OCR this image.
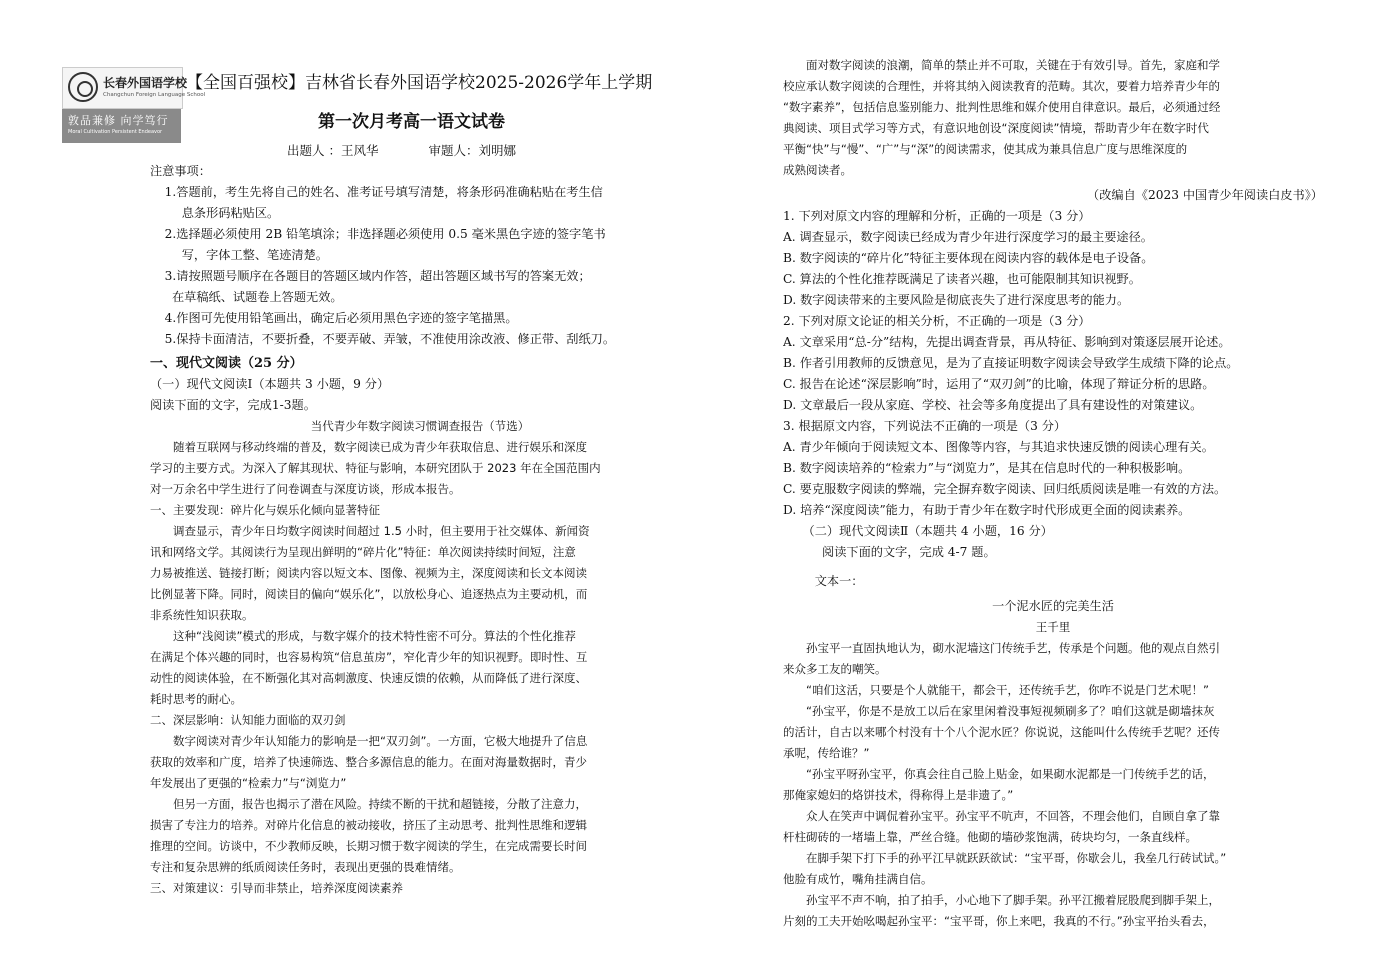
长春外国语学校
Changchun Foreign Language School
敦品兼修 向学笃行
Moral Cultivation Persistent Endeavor
【全国百强校】吉林省长春外国语学校2025-2026学年上学期
第一次月考高一语文试卷
出题人 ：王风华	审题人：刘明娜
注意事项：
1.答题前，考生先将自己的姓名、准考证号填写清楚，将条形码准确粘贴在考生信
息条形码粘贴区。
2.选择题必须使用 2B 铅笔填涂；非选择题必须使用 0.5 毫米黑色字迹的签字笔书
写，字体工整、笔迹清楚。
3.请按照题号顺序在各题目的答题区域内作答，超出答题区域书写的答案无效；
在草稿纸、试题卷上答题无效。
4.作图可先使用铅笔画出，确定后必须用黑色字迹的签字笔描黑。
5.保持卡面清洁，不要折叠，不要弄破、弄皱，不准使用涂改液、修正带、刮纸刀。
一、现代文阅读（25 分）
（一）现代文阅读Ⅰ（本题共 3 小题，9 分）
阅读下面的文字，完成1-3题。
当代青少年数字阅读习惯调查报告（节选）
随着互联网与移动终端的普及，数字阅读已成为青少年获取信息、进行娱乐和深度
学习的主要方式。为深入了解其现状、特征与影响，本研究团队于 2023 年在全国范围内
对一万余名中学生进行了问卷调查与深度访谈，形成本报告。
一、主要发现：碎片化与娱乐化倾向显著特征
调查显示，青少年日均数字阅读时间超过 1.5 小时，但主要用于社交媒体、新闻资
讯和网络文学。其阅读行为呈现出鲜明的“碎片化”特征：单次阅读持续时间短，注意
力易被推送、链接打断；阅读内容以短文本、图像、视频为主，深度阅读和长文本阅读
比例显著下降。同时，阅读目的偏向“娱乐化”，以放松身心、追逐热点为主要动机，而
非系统性知识获取。
这种“浅阅读”模式的形成，与数字媒介的技术特性密不可分。算法的个性化推荐
在满足个体兴趣的同时，也容易构筑“信息茧房”，窄化青少年的知识视野。即时性、互
动性的阅读体验，在不断强化其对高刺激度、快速反馈的依赖，从而降低了进行深度、
耗时思考的耐心。
二、深层影响：认知能力面临的双刃剑
数字阅读对青少年认知能力的影响是一把“双刃剑”。一方面，它极大地提升了信息
获取的效率和广度，培养了快速筛选、整合多源信息的能力。在面对海量数据时，青少
年发展出了更强的“检索力”与“浏览力”
但另一方面，报告也揭示了潜在风险。持续不断的干扰和超链接，分散了注意力，
损害了专注力的培养。对碎片化信息的被动接收，挤压了主动思考、批判性思维和逻辑
推理的空间。访谈中，不少教师反映，长期习惯于数字阅读的学生，在完成需要长时间
专注和复杂思辨的纸质阅读任务时，表现出更强的畏难情绪。
三、对策建议：引导而非禁止，培养深度阅读素养
面对数字阅读的浪潮，简单的禁止并不可取，关键在于有效引导。首先，家庭和学
校应承认数字阅读的合理性，并将其纳入阅读教育的范畴。其次，要着力培养青少年的
“数字素养”，包括信息鉴别能力、批判性思维和媒介使用自律意识。最后，必须通过经
典阅读、项目式学习等方式，有意识地创设“深度阅读”情境，帮助青少年在数字时代
平衡“快”与“慢”、“广”与“深”的阅读需求，使其成为兼具信息广度与思维深度的
成熟阅读者。
（改编自《2023 中国青少年阅读白皮书》）
1. 下列对原文内容的理解和分析，正确的一项是（3 分）
A. 调查显示，数字阅读已经成为青少年进行深度学习的最主要途径。
B. 数字阅读的“碎片化”特征主要体现在阅读内容的载体是电子设备。
C. 算法的个性化推荐既满足了读者兴趣，也可能限制其知识视野。
D. 数字阅读带来的主要风险是彻底丧失了进行深度思考的能力。
2. 下列对原文论证的相关分析，不正确的一项是（3 分）
A. 文章采用“总-分”结构，先提出调查背景，再从特征、影响到对策逐层展开论述。
B. 作者引用教师的反馈意见，是为了直接证明数字阅读会导致学生成绩下降的论点。
C. 报告在论述“深层影响”时，运用了“双刃剑”的比喻，体现了辩证分析的思路。
D. 文章最后一段从家庭、学校、社会等多角度提出了具有建设性的对策建议。
3. 根据原文内容，下列说法不正确的一项是（3 分）
A. 青少年倾向于阅读短文本、图像等内容，与其追求快速反馈的阅读心理有关。
B. 数字阅读培养的“检索力”与“浏览力”，是其在信息时代的一种积极影响。
C. 要克服数字阅读的弊端，完全摒弃数字阅读、回归纸质阅读是唯一有效的方法。
D. 培养“深度阅读”能力，有助于青少年在数字时代形成更全面的阅读素养。
（二）现代文阅读Ⅱ（本题共 4 小题，16 分）
阅读下面的文字，完成 4-7 题。
文本一：
一个泥水匠的完美生活
王千里
孙宝平一直固执地认为，砌水泥墙这门传统手艺，传承是个问题。他的观点自然引
来众多工友的嘲笑。
“咱们这活，只要是个人就能干，都会干，还传统手艺，你咋不说是门艺术呢！”
“孙宝平，你是不是放工以后在家里闲着没事短视频刷多了？咱们这就是砌墙抹灰
的活计，自古以来哪个村没有十个八个泥水匠？你说说，这能叫什么传统手艺呢？还传
承呢，传给谁？”
“孙宝平呀孙宝平，你真会往自己脸上贴金，如果砌水泥都是一门传统手艺的话，
那俺家媳妇的烙饼技术，得称得上是非遗了。”
众人在笑声中调侃着孙宝平。孙宝平不吭声，不回答，不理会他们，自顾自拿了靠
杆柱砌砖的一堵墙上靠，严丝合缝。他砌的墙砂浆饱满，砖块均匀，一条直线样。
在脚手架下打下手的孙平江早就跃跃欲试：“宝平哥，你歇会儿，我垒几行砖试试。”
他脸有成竹，嘴角挂满自信。
孙宝平不声不响，拍了拍手，小心地下了脚手架。孙平江搬着屁股爬到脚手架上，
片刻的工夫开始吆喝起孙宝平：“宝平哥，你上来吧，我真的不行。”孙宝平抬头看去，
